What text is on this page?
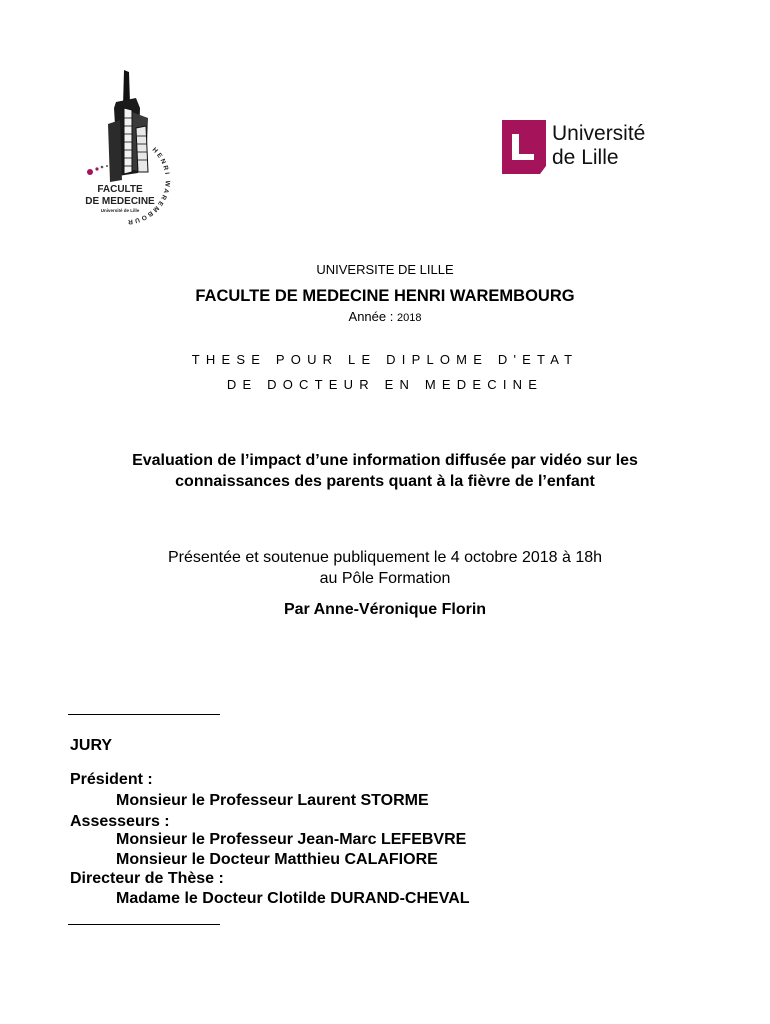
HENRI WAREMBOUR
FACULTE
DE MEDECINE
Université de Lille
Université
de Lille
UNIVERSITE DE LILLE
FACULTE DE MEDECINE HENRI WAREMBOURG
Année : 2018
THESE POUR LE DIPLOME D'ETAT
DE DOCTEUR EN MEDECINE
Evaluation de l’impact d’une information diffusée par vidéo sur les
connaissances des parents quant à la fièvre de l’enfant
Présentée et soutenue publiquement le 4 octobre 2018 à 18h
au Pôle Formation
Par Anne-Véronique Florin
JURY
Président :
Monsieur le Professeur Laurent STORME
Assesseurs :
Monsieur le Professeur Jean-Marc LEFEBVRE
Monsieur le Docteur Matthieu CALAFIORE
Directeur de Thèse :
Madame le Docteur Clotilde DURAND-CHEVAL
